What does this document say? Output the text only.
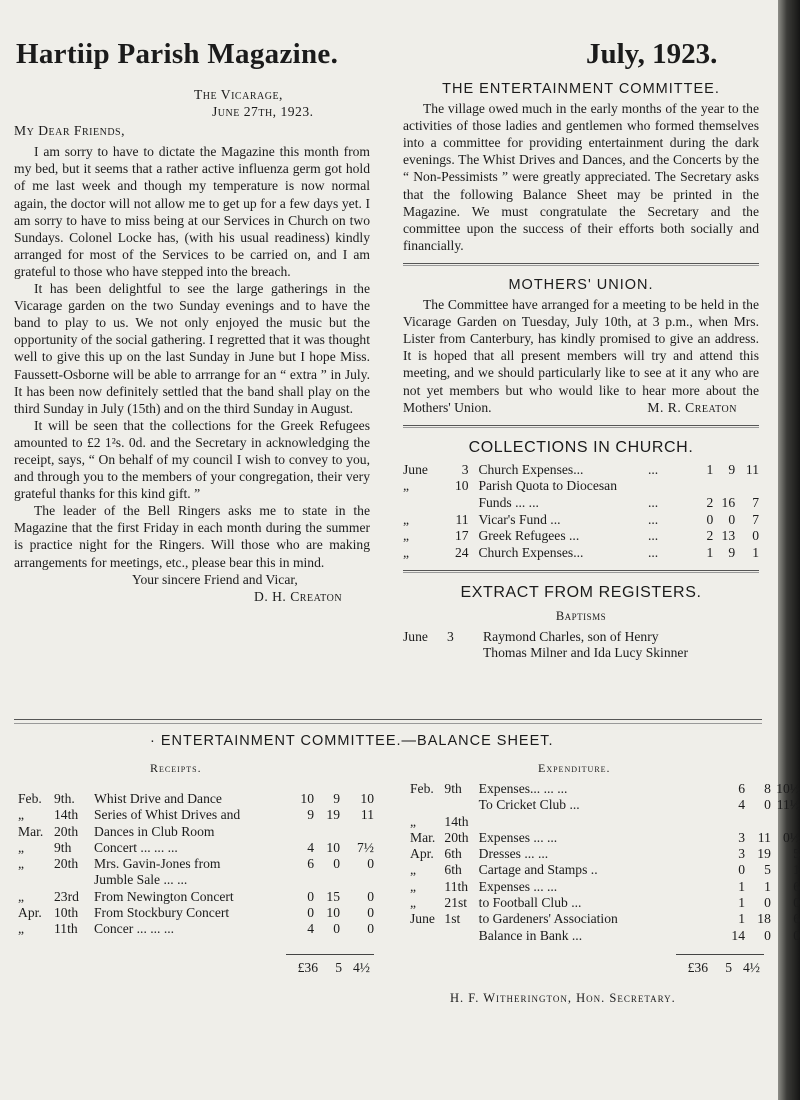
Hartiip Parish Magazine.	July, 1923.
The Vicarage,
June 27th, 1923.
My Dear Friends,

I am sorry to have to dictate the Magazine this month from my bed, but it seems that a rather active influenza germ got hold of me last week and though my temperature is now normal again, the doctor will not allow me to get up for a few days yet. I am sorry to have to miss being at our Services in Church on two Sundays. Colonel Locke has, (with his usual readiness) kindly arranged for most of the Services to be carried on, and I am grateful to those who have stepped into the breach.

It has been delightful to see the large gatherings in the Vicarage garden on the two Sunday evenings and to have the band to play to us. We not only enjoyed the music but the opportunity of the social gathering. I regretted that it was thought well to give this up on the last Sunday in June but I hope Miss. Faussett-Osborne will be able to arrrange for an “ extra ” in July. It has been now definitely settled that the band shall play on the third Sunday in July (15th) and on the third Sunday in August.

It will be seen that the collections for the Greek Refugees amounted to £2 1²s. 0d. and the Secretary in acknowledging the receipt, says, “ On behalf of my council I wish to convey to you, and through you to the members of your congregation, their very grateful thanks for this kind gift. ”

The leader of the Bell Ringers asks me to state in the Magazine that the first Friday in each month during the summer is practice night for the Ringers. Will those who are making arrangements for meetings, etc., please bear this in mind.

Your sincere Friend and Vicar,
D. H. Creaton
THE ENTERTAINMENT COMMITTEE.

The village owed much in the early months of the year to the activities of those ladies and gentlemen who formed themselves into a committee for providing entertainment during the dark evenings. The Whist Drives and Dances, and the Concerts by the “ Non-Pessimists ” were greatly appreciated. The Secretary asks that the following Balance Sheet may be printed in the Magazine. We must congratulate the Secretary and the committee upon the success of their efforts both socially and financially.

MOTHERS' UNION.

The Committee have arranged for a meeting to be held in the Vicarage Garden on Tuesday, July 10th, at 3 p.m., when Mrs. Lister from Canterbury, has kindly promised to give an address. It is hoped that all present members will try and attend this meeting, and we should particularly like to see at it any who are not yet members but who would like to hear more about the Mothers' Union.	M. R. Creaton
COLLECTIONS IN CHURCH.
June	3		Church Expenses...	...	1	9	11
„	10		Parish Quota to Diocesan				
			Funds ... ...	...	2	16	7
„	11		Vicar's Fund ...	...	0	0	7
„	17		Greek Refugees ...	...	2	13	0
„	24		Church Expenses...	...	1	9	1
EXTRACT FROM REGISTERS.
Baptisms
June	3	Raymond Charles, son of Henry
		Thomas Milner and Ida Lucy Skinner
· ENTERTAINMENT COMMITTEE.—BALANCE SHEET.
Receipts.	Expenditure.
Feb.	9th.	Whist Drive and Dance	10	9	10
„	14th	Series of Whist Drives and	9	19	11
Mar.	20th	Dances in Club Room			
„	9th	Concert ... ... ...	4	10	7½
„	20th	Mrs. Gavin-Jones from	6	0	0
		Jumble Sale ... ...			
„	23rd	From Newington Concert	0	15	0
Apr.	10th	From Stockbury Concert	0	10	0
„	11th	Concer ... ... ...	4	0	0
£36	5	4½
Feb.	9th	Expenses... ... ...	6	8	10½
		To Cricket Club ...	4	0	11½
„	14th				
Mar.	20th	Expenses ... ...	3	11	0½
Apr.	6th	Dresses ... ...	3	19	5
„	6th	Cartage and Stamps ..	0	5	1
„	11th	Expenses ... ...	1	1	6
„	21st	to Football Club ...	1	0	0
June	1st	to Gardeners' Association	1	18	6
		Balance in Bank ...	14	0	0
£36	5	4½
H. F. Witherington, Hon. Secretary.
